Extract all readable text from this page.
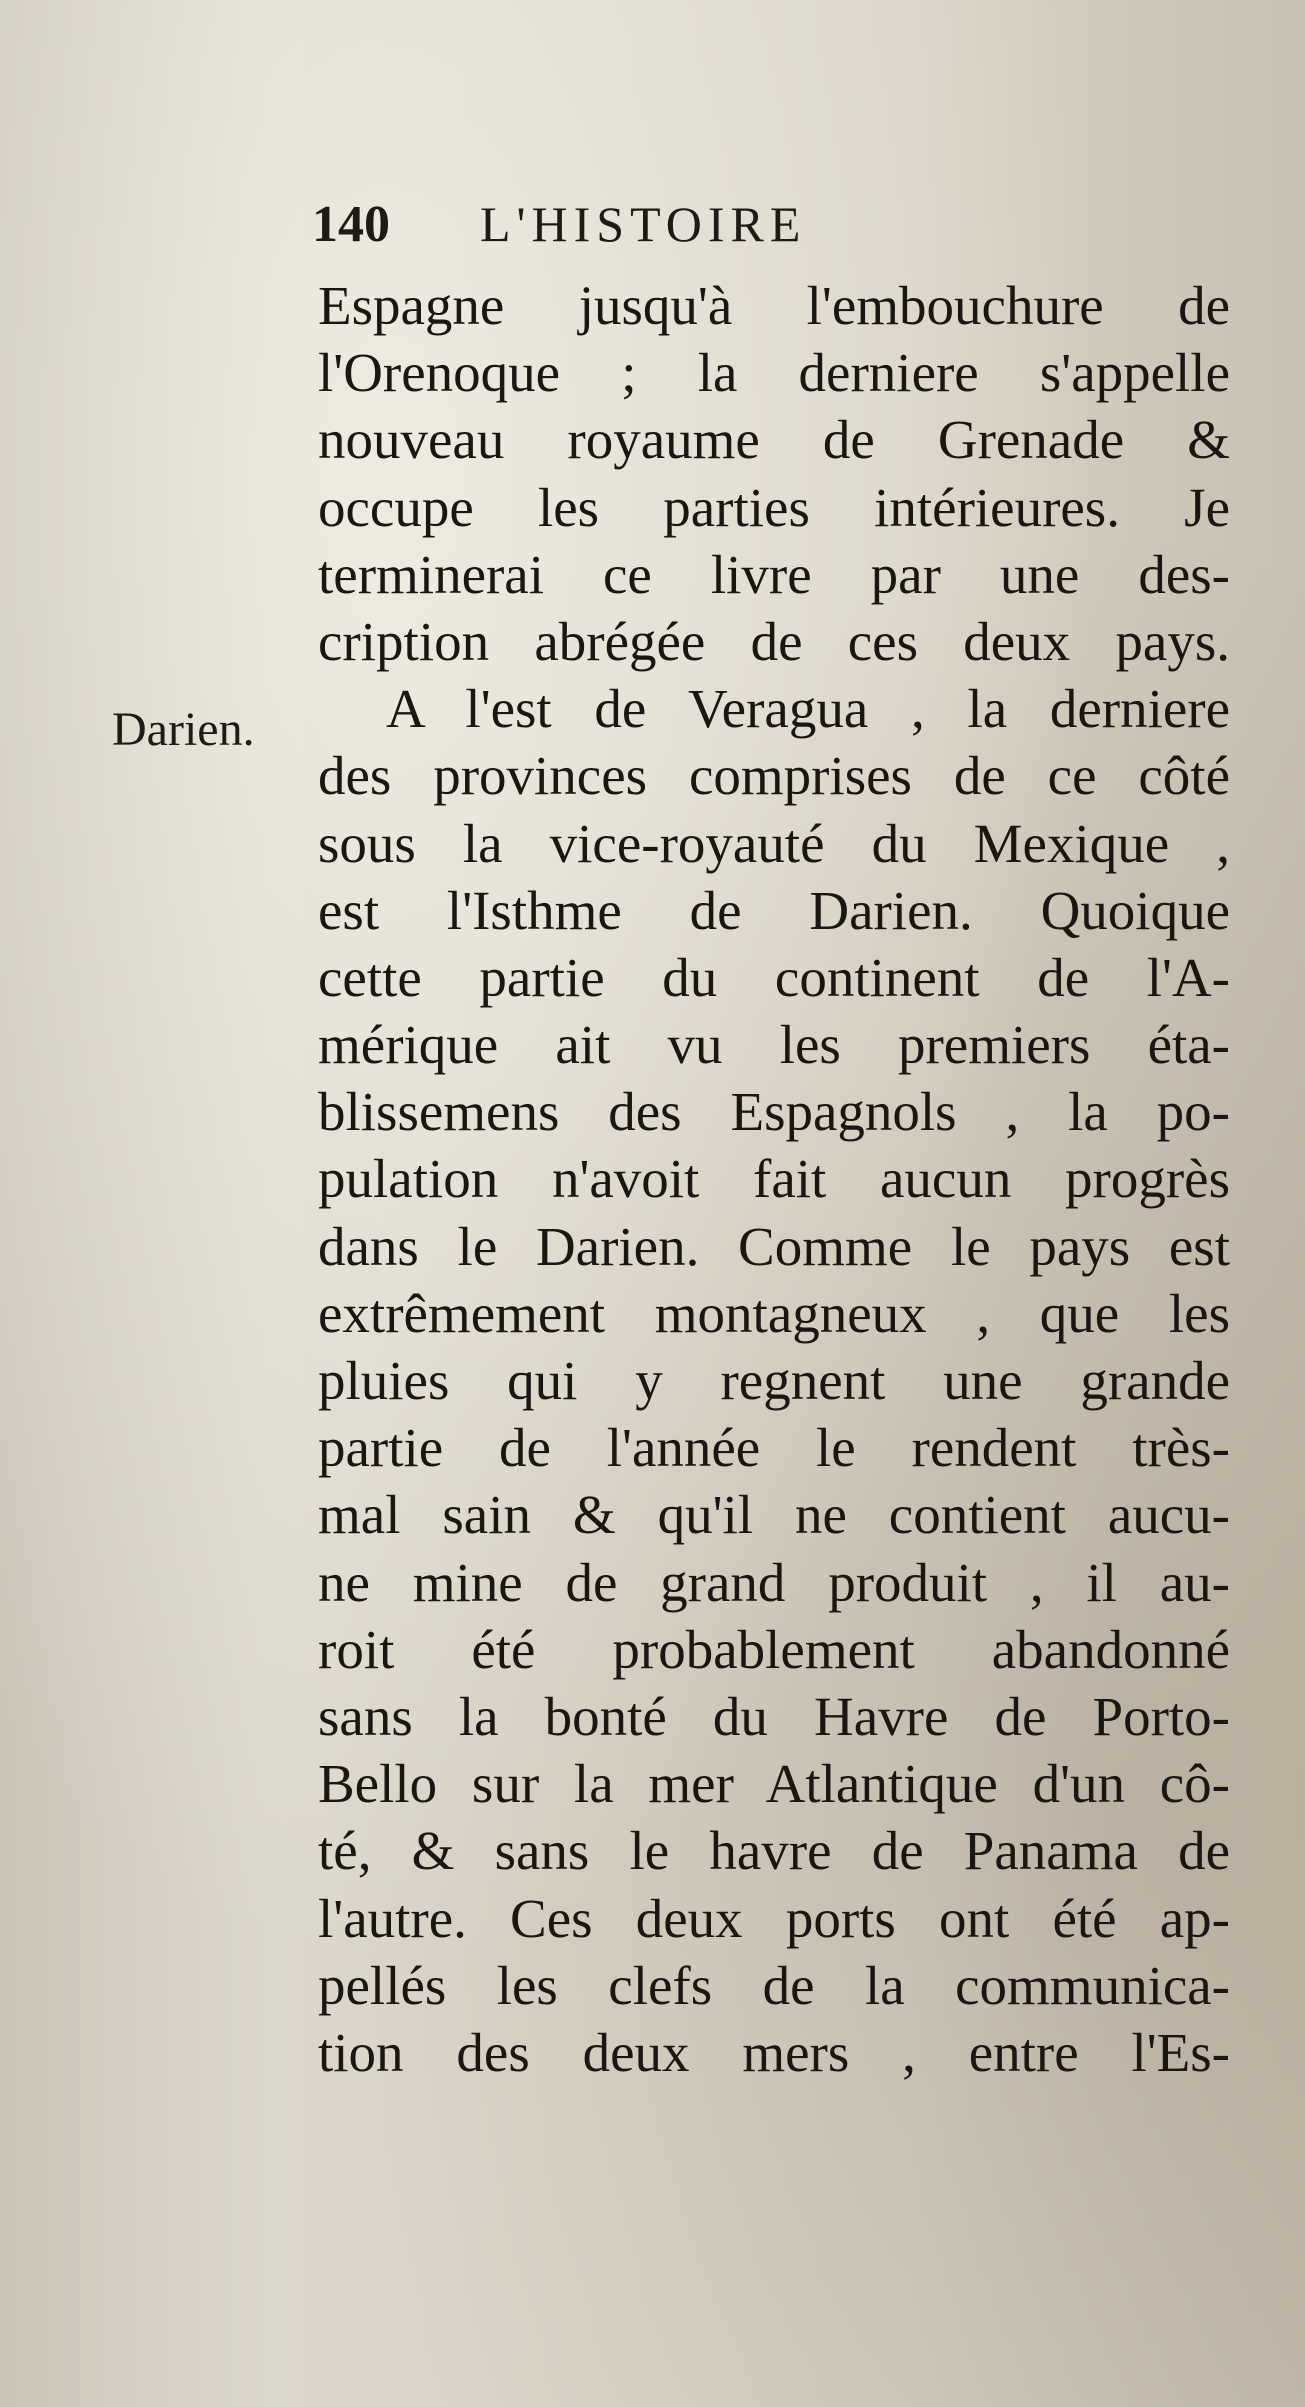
140 L'HISTOIRE
Darien.
Espagne jusqu'à l'embouchure de
l'Orenoque ; la derniere s'appelle
nouveau royaume de Grenade &
occupe les parties intérieures. Je
terminerai ce livre par une des-
cription abrégée de ces deux pays.
A l'est de Veragua , la derniere
des provinces comprises de ce côté
sous la vice-royauté du Mexique ,
est l'Isthme de Darien. Quoique
cette partie du continent de l'A-
mérique ait vu les premiers éta-
blissemens des Espagnols , la po-
pulation n'avoit fait aucun progrès
dans le Darien. Comme le pays est
extrêmement montagneux , que les
pluies qui y regnent une grande
partie de l'année le rendent très-
mal sain & qu'il ne contient aucu-
ne mine de grand produit , il au-
roit été probablement abandonné
sans la bonté du Havre de Porto-
Bello sur la mer Atlantique d'un cô-
té, & sans le havre de Panama de
l'autre. Ces deux ports ont été ap-
pellés les clefs de la communica-
tion des deux mers , entre l'Es-
